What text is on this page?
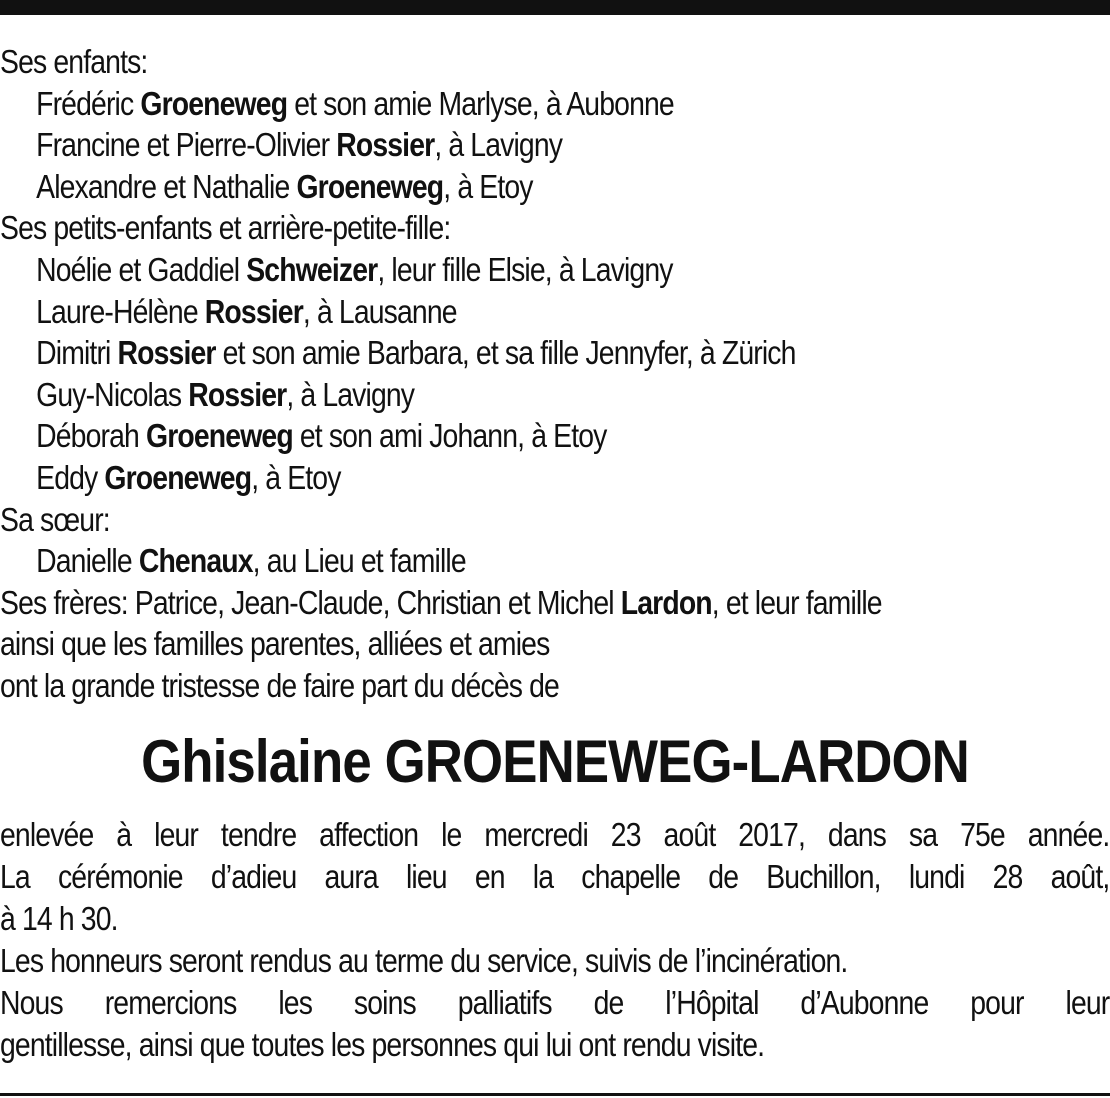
Ses enfants:
Frédéric Groeneweg et son amie Marlyse, à Aubonne
Francine et Pierre-Olivier Rossier, à Lavigny
Alexandre et Nathalie Groeneweg, à Etoy
Ses petits-enfants et arrière-petite-fille:
Noélie et Gaddiel Schweizer, leur fille Elsie, à Lavigny
Laure-Hélène Rossier, à Lausanne
Dimitri Rossier et son amie Barbara, et sa fille Jennyfer, à Zürich
Guy-Nicolas Rossier, à Lavigny
Déborah Groeneweg et son ami Johann, à Etoy
Eddy Groeneweg, à Etoy
Sa sœur:
Danielle Chenaux, au Lieu et famille
Ses frères: Patrice, Jean-Claude, Christian et Michel Lardon, et leur famille
ainsi que les familles parentes, alliées et amies
ont la grande tristesse de faire part du décès de
Ghislaine GROENEWEG-LARDON
enlevée à leur tendre affection le mercredi 23 août 2017, dans sa 75e année.
La cérémonie d’adieu aura lieu en la chapelle de Buchillon, lundi 28 août,
à 14 h 30.
Les honneurs seront rendus au terme du service, suivis de l’incinération.
Nous remercions les soins palliatifs de l’Hôpital d’Aubonne pour leur
gentillesse, ainsi que toutes les personnes qui lui ont rendu visite.
